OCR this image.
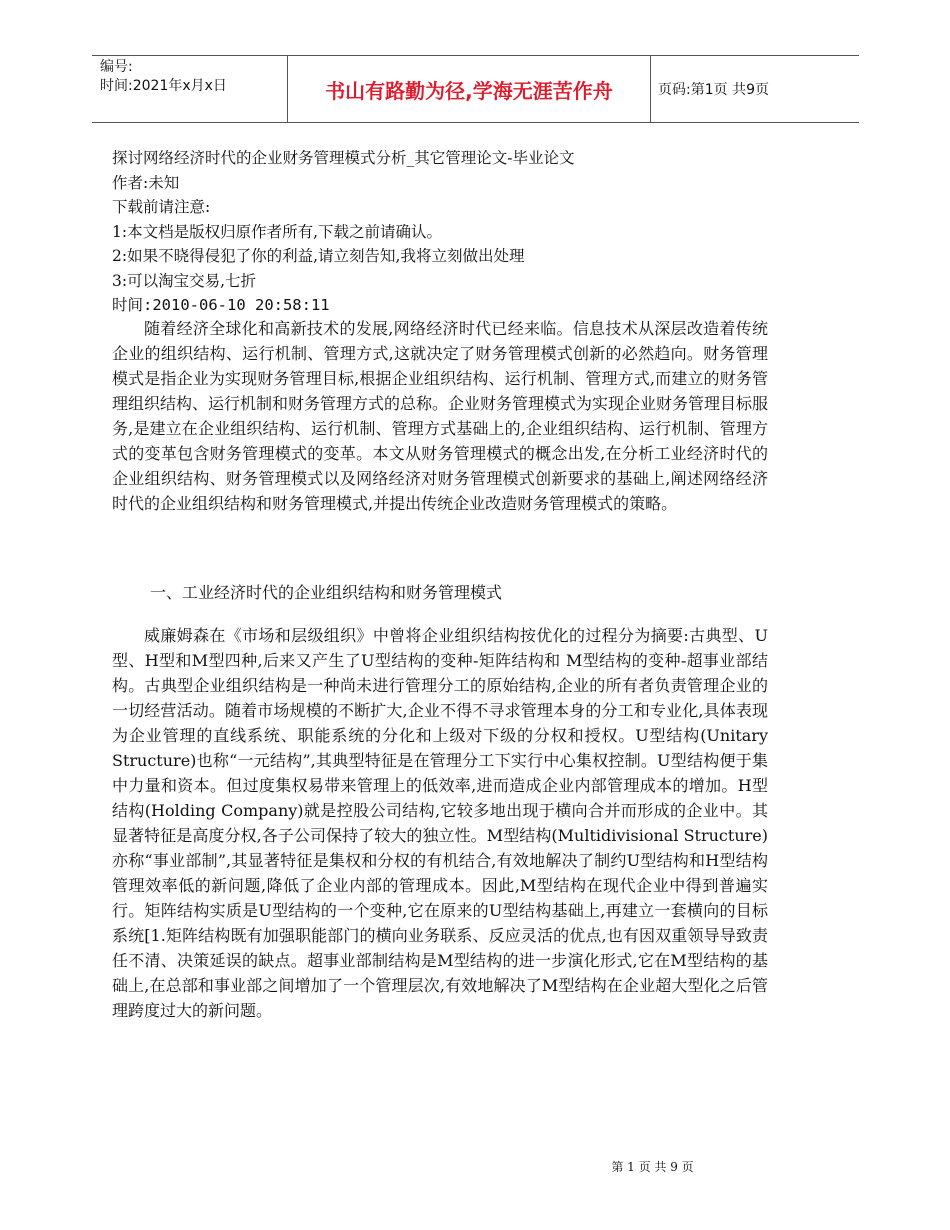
编号:
时间:2021年x月x日	书山有路勤为径,学海无涯苦作舟	页码:第1页 共9页
探讨网络经济时代的企业财务管理模式分析_其它管理论文-毕业论文
作者:未知
下载前请注意:
1:本文档是版权归原作者所有,下载之前请确认。
2:如果不晓得侵犯了你的利益,请立刻告知,我将立刻做出处理
3:可以淘宝交易,七折
时间:2010-06-10 20:58:11

随着经济全球化和高新技术的发展,网络经济时代已经来临。信息技术从深层改造着传统企业的组织结构、运行机制、管理方式,这就决定了财务管理模式创新的必然趋向。财务管理模式是指企业为实现财务管理目标,根据企业组织结构、运行机制、管理方式,而建立的财务管理组织结构、运行机制和财务管理方式的总称。企业财务管理模式为实现企业财务管理目标服务,是建立在企业组织结构、运行机制、管理方式基础上的,企业组织结构、运行机制、管理方式的变革包含财务管理模式的变革。本文从财务管理模式的概念出发,在分析工业经济时代的企业组织结构、财务管理模式以及网络经济对财务管理模式创新要求的基础上,阐述网络经济时代的企业组织结构和财务管理模式,并提出传统企业改造财务管理模式的策略。

一、工业经济时代的企业组织结构和财务管理模式

威廉姆森在《市场和层级组织》中曾将企业组织结构按优化的过程分为摘要:古典型、U型、H型和M型四种,后来又产生了U型结构的变种-矩阵结构和 M型结构的变种-超事业部结构。古典型企业组织结构是一种尚未进行管理分工的原始结构,企业的所有者负责管理企业的一切经营活动。随着市场规模的不断扩大,企业不得不寻求管理本身的分工和专业化,具体表现为企业管理的直线系统、职能系统的分化和上级对下级的分权和授权。U型结构(Unitary Structure)也称“一元结构”,其典型特征是在管理分工下实行中心集权控制。U型结构便于集中力量和资本。但过度集权易带来管理上的低效率,进而造成企业内部管理成本的增加。H型结构(Holding Company)就是控股公司结构,它较多地出现于横向合并而形成的企业中。其显著特征是高度分权,各子公司保持了较大的独立性。M型结构(Multidivisional Structure)亦称“事业部制”,其显著特征是集权和分权的有机结合,有效地解决了制约U型结构和H型结构管理效率低的新问题,降低了企业内部的管理成本。因此,M型结构在现代企业中得到普遍实行。矩阵结构实质是U型结构的一个变种,它在原来的U型结构基础上,再建立一套横向的目标系统[1.矩阵结构既有加强职能部门的横向业务联系、反应灵活的优点,也有因双重领导导致责任不清、决策延误的缺点。超事业部制结构是M型结构的进一步演化形式,它在M型结构的基础上,在总部和事业部之间增加了一个管理层次,有效地解决了M型结构在企业超大型化之后管理跨度过大的新问题。

第 1 页 共 9 页
